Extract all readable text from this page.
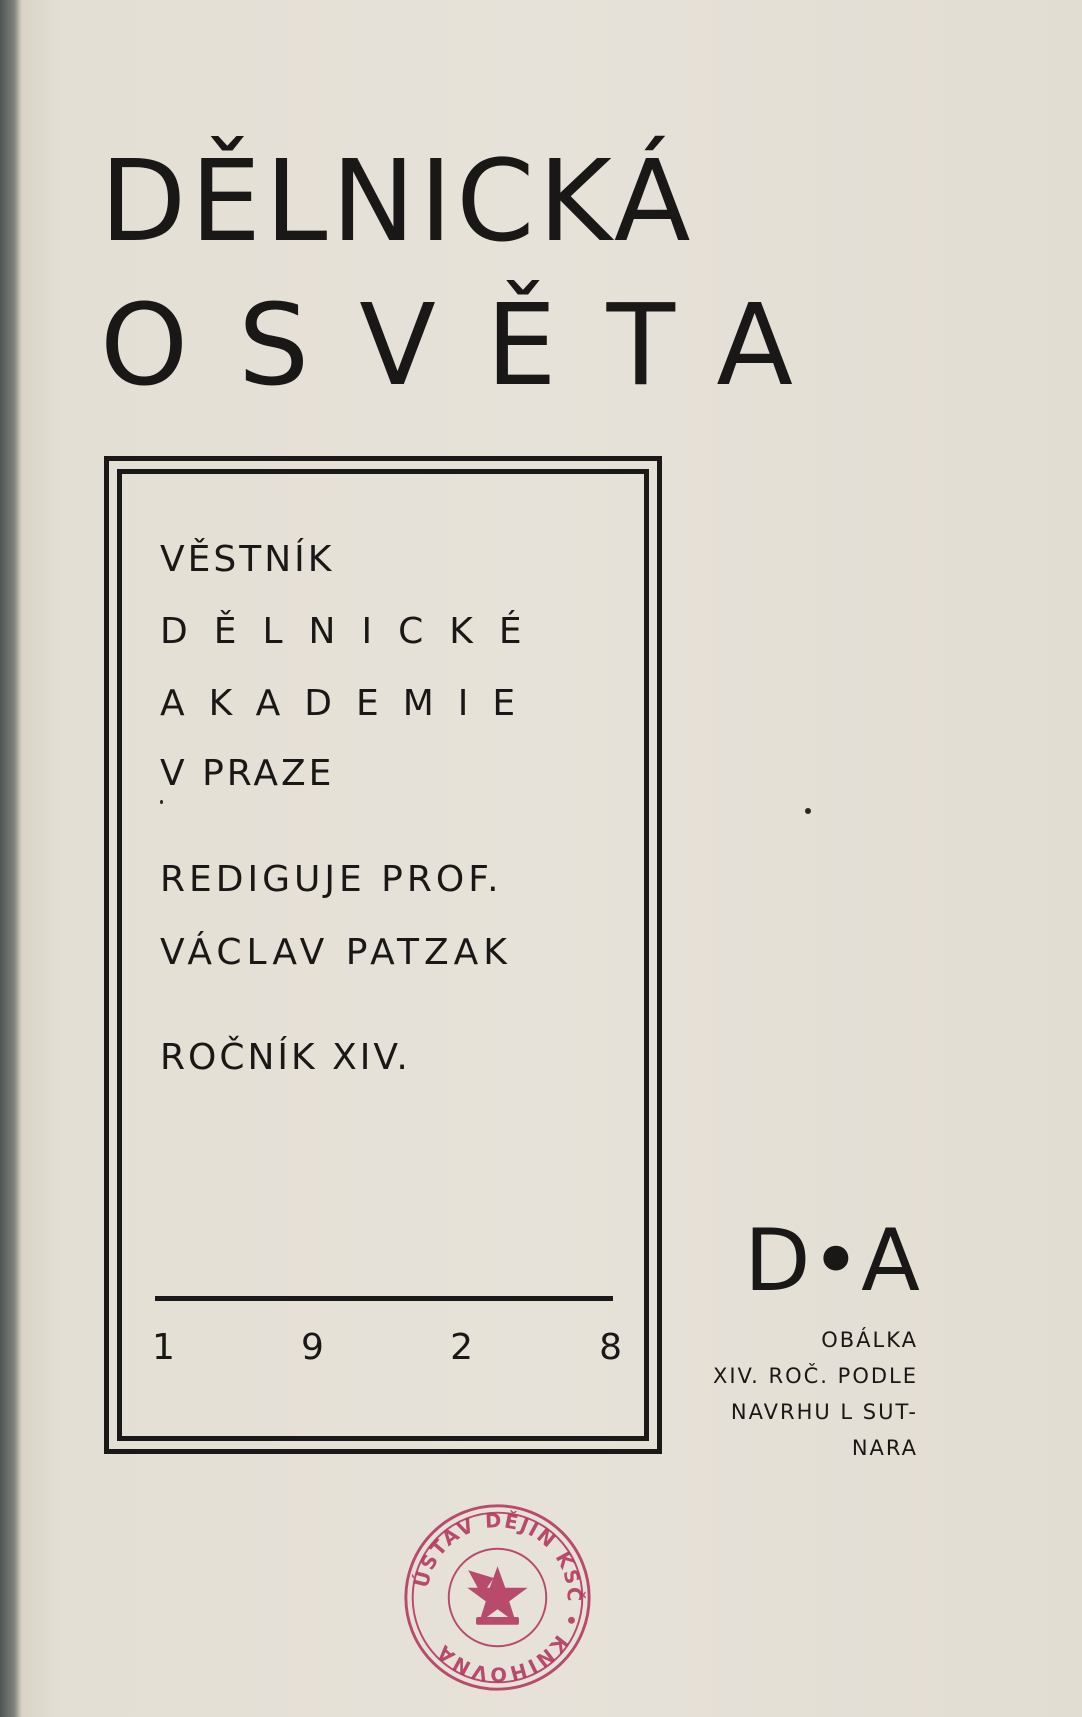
DĚLNICKÁ
OSVĚTA
VĚSTNÍK
DĚLNICKÉ
AKADEMIE
V PRAZE
REDIGUJE PROF.
VÁCLAV PATZAK
ROČNÍK XIV.
1	9	2	8
D•A
OBÁLKA
XIV. ROČ. PODLE
NAVRHU L SUT-
NARA
ÚSTAV DĚJIN KSČ • KNIHOVNA
